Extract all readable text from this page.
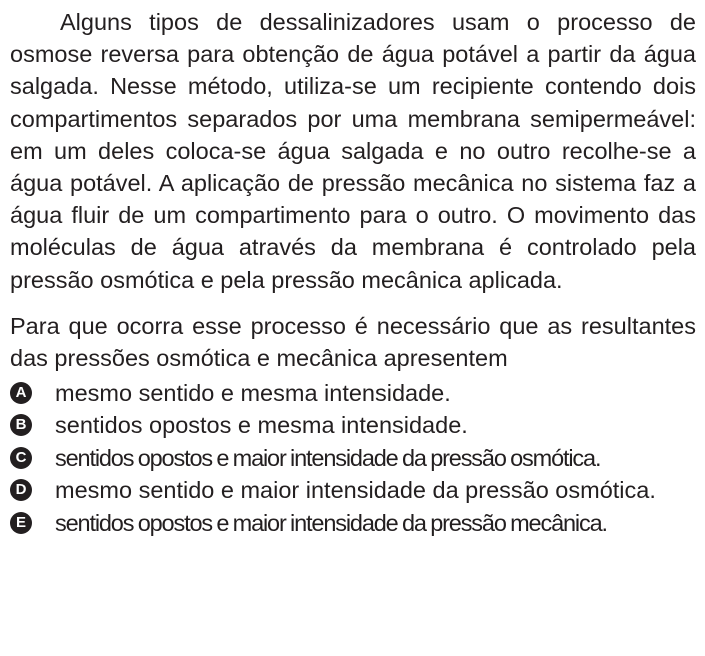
Alguns tipos de dessalinizadores usam o processo de osmose reversa para obtenção de água potável a partir da água salgada. Nesse método, utiliza-se um recipiente contendo dois compartimentos separados por uma membrana semipermeável: em um deles coloca-se água salgada e no outro recolhe-se a água potável. A aplicação de pressão mecânica no sistema faz a água fluir de um compartimento para o outro. O movimento das moléculas de água através da membrana é controlado pela pressão osmótica e pela pressão mecânica aplicada.

Para que ocorra esse processo é necessário que as resultantes das pressões osmótica e mecânica apresentem

A mesmo sentido e mesma intensidade.
B sentidos opostos e mesma intensidade.
C sentidos opostos e maior intensidade da pressão osmótica.
D mesmo sentido e maior intensidade da pressão osmótica.
E sentidos opostos e maior intensidade da pressão mecânica.
